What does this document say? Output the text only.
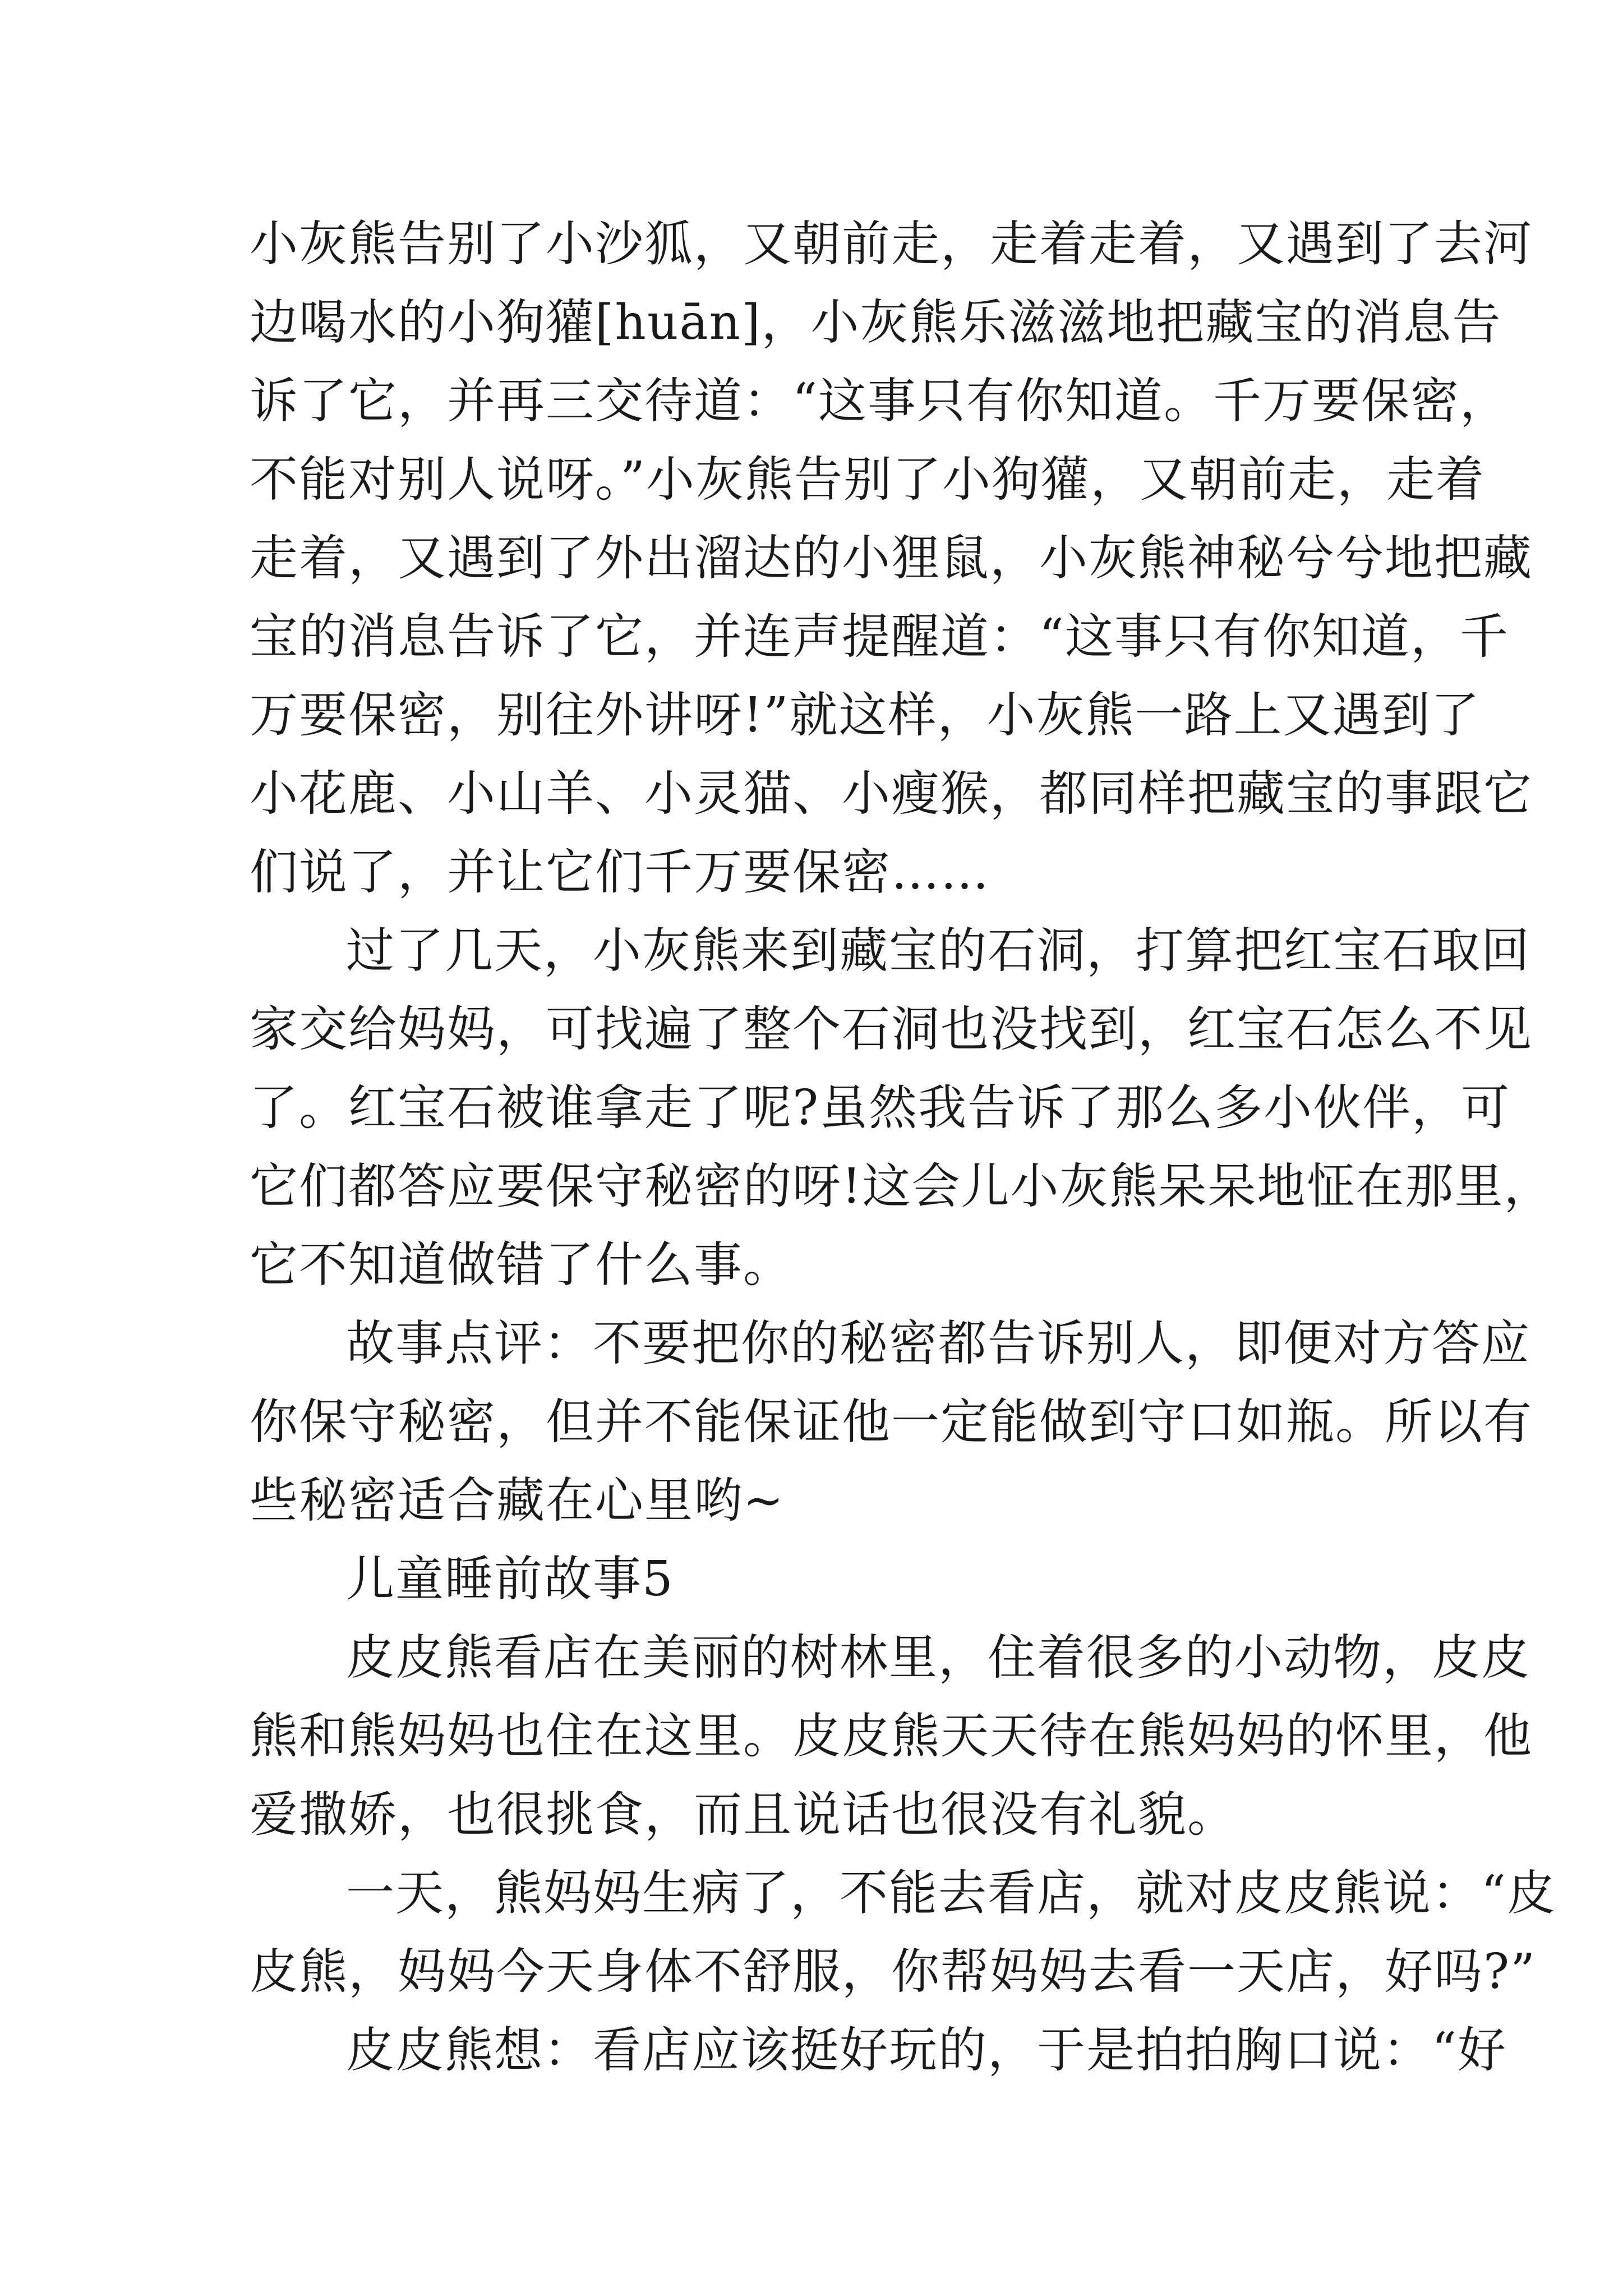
小灰熊告别了小沙狐，又朝前走，走着走着，又遇到了去河
边喝水的小狗獾[huān]，小灰熊乐滋滋地把藏宝的消息告
诉了它，并再三交待道：“这事只有你知道。千万要保密，
不能对别人说呀。”小灰熊告别了小狗獾，又朝前走，走着
走着，又遇到了外出溜达的小狸鼠，小灰熊神秘兮兮地把藏
宝的消息告诉了它，并连声提醒道：“这事只有你知道，千
万要保密，别往外讲呀!”就这样，小灰熊一路上又遇到了
小花鹿、小山羊、小灵猫、小瘦猴，都同样把藏宝的事跟它
们说了，并让它们千万要保密……
过了几天，小灰熊来到藏宝的石洞，打算把红宝石取回
家交给妈妈，可找遍了整个石洞也没找到，红宝石怎么不见
了。红宝石被谁拿走了呢?虽然我告诉了那么多小伙伴，可
它们都答应要保守秘密的呀!这会儿小灰熊呆呆地怔在那里，
它不知道做错了什么事。
故事点评：不要把你的秘密都告诉别人，即便对方答应
你保守秘密，但并不能保证他一定能做到守口如瓶。所以有
些秘密适合藏在心里哟~
儿童睡前故事5
皮皮熊看店在美丽的树林里，住着很多的小动物，皮皮
熊和熊妈妈也住在这里。皮皮熊天天待在熊妈妈的怀里，他
爱撒娇，也很挑食，而且说话也很没有礼貌。
一天，熊妈妈生病了，不能去看店，就对皮皮熊说：“皮
皮熊，妈妈今天身体不舒服，你帮妈妈去看一天店，好吗?”
皮皮熊想：看店应该挺好玩的，于是拍拍胸口说：“好
